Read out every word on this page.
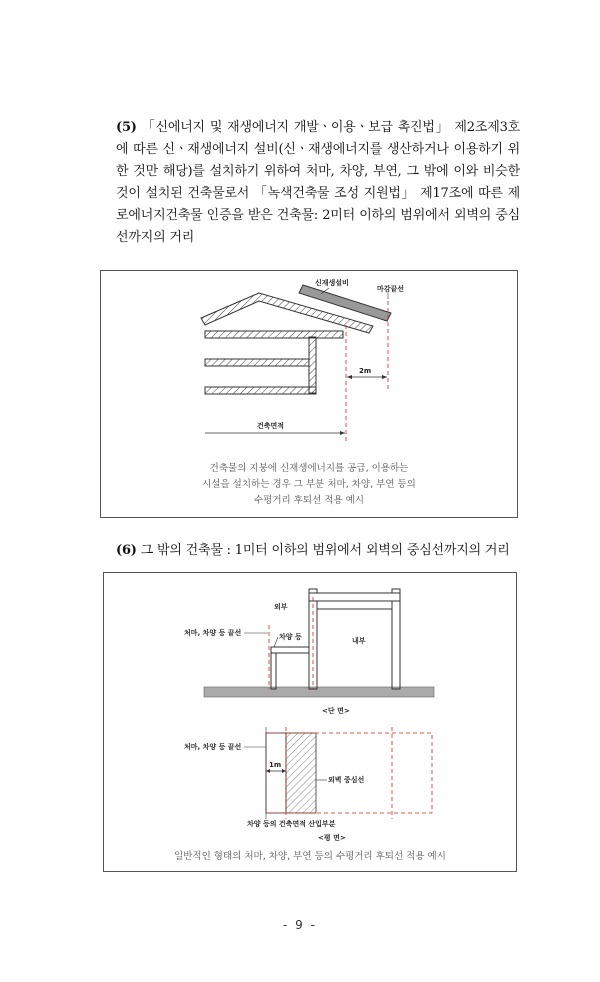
(5) 「신에너지 및 재생에너지 개발ㆍ이용ㆍ보급 촉진법」 제2조제3호에 따른 신ㆍ재생에너지 설비(신ㆍ재생에너지를 생산하거나 이용하기 위한 것만 해당)를 설치하기 위하여 처마, 차양, 부연, 그 밖에 이와 비슷한 것이 설치된 건축물로서 「녹색건축물 조성 지원법」 제17조에 따른 제로에너지건축물 인증을 받은 건축물: 2미터 이하의 범위에서 외벽의 중심선까지의 거리

신재생설비
마감끝선
2m
건축면적
건축물의 지붕에 신재생에너지를 공급, 이용하는
시설을 설치하는 경우 그 부분 처마, 차양, 부연 등의
수평거리 후퇴선 적용 예시

(6) 그 밖의 건축물 : 1미터 이하의 범위에서 외벽의 중심선까지의 거리

외부
내부
처마, 차양 등 끝선	차양 등
<단 면>
1m
처마, 차양 등 끝선
외벽 중심선
차양 등의 건축면적 산입부분
<평 면>
일반적인 형태의 처마, 차양, 부연 등의 수평거리 후퇴선 적용 예시
- 9 -
